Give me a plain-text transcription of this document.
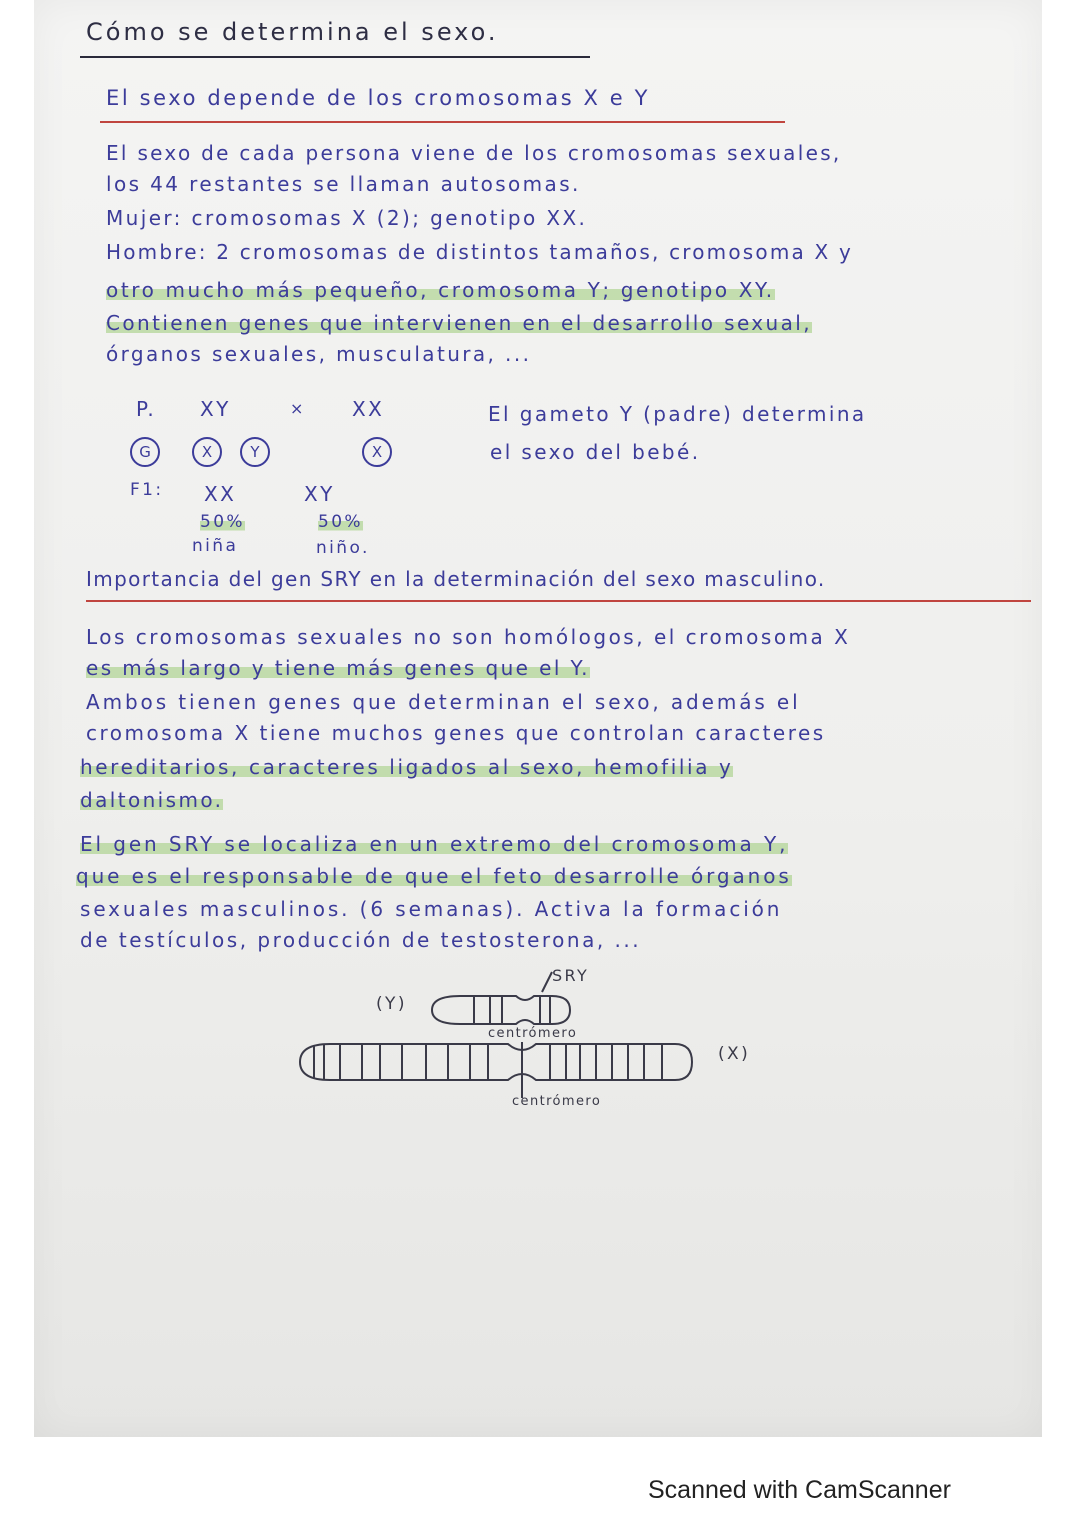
Cómo se determina el sexo.
El sexo depende de los cromosomas X e Y
El sexo de cada persona viene de los cromosomas sexuales,
los 44 restantes se llaman autosomas.
Mujer: cromosomas X (2); genotipo XX.
Hombre: 2 cromosomas de distintos tamaños, cromosoma X y
otro mucho más pequeño, cromosoma Y; genotipo XY.
Contienen genes que intervienen en el desarrollo sexual,
órganos sexuales, musculatura, ...
P. XY	× XX
G	X	Y	X
F1: XX	XY
50%	50%
niña	niño.
El gameto Y (padre) determina
el sexo del bebé.
Importancia del gen SRY en la determinación del sexo masculino.
Los cromosomas sexuales no son homólogos, el cromosoma X
es más largo y tiene más genes que el Y.
Ambos tienen genes que determinan el sexo, además el
cromosoma X tiene muchos genes que controlan caracteres
hereditarios, caracteres ligados al sexo, hemofilia y
daltonismo.
El gen SRY se localiza en un extremo del cromosoma Y,
que es el responsable de que el feto desarrolle órganos
sexuales masculinos. (6 semanas). Activa la formación
de testículos, producción de testosterona, ...
(Y)
SRY
centrómero
(X)
centrómero
Scanned with CamScanner
